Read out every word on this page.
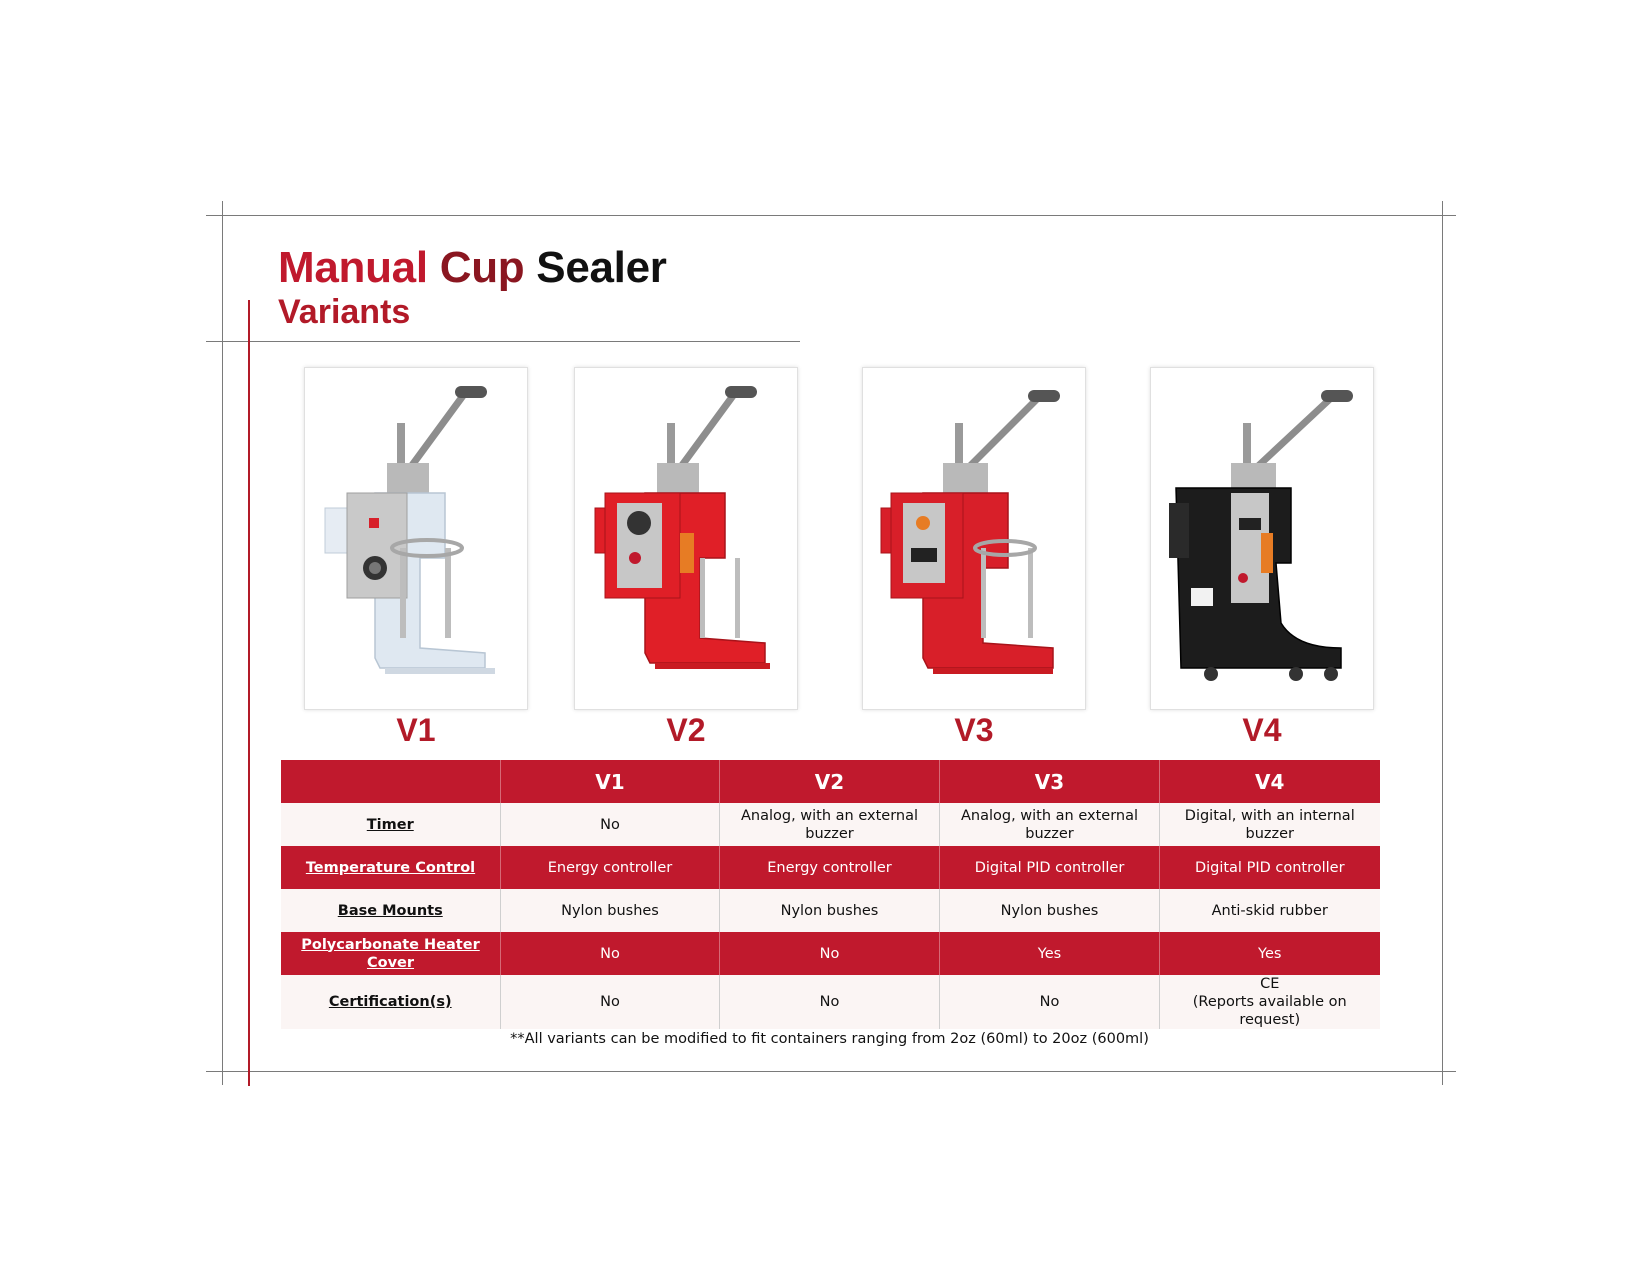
Manual Cup Sealer
Variants
V1	V2	V3	V4
	V1	V2	V3	V4
Timer	No	Analog, with an external buzzer	Analog, with an external buzzer	Digital, with an internal buzzer
Temperature Control	Energy controller	Energy controller	Digital PID controller	Digital PID controller
Base Mounts	Nylon bushes	Nylon bushes	Nylon bushes	Anti-skid rubber
Polycarbonate Heater Cover	No	No	Yes	Yes
Certification(s)	No	No	No	CE
(Reports available on request)
**All variants can be modified to fit containers ranging from 2oz (60ml) to 20oz (600ml)
